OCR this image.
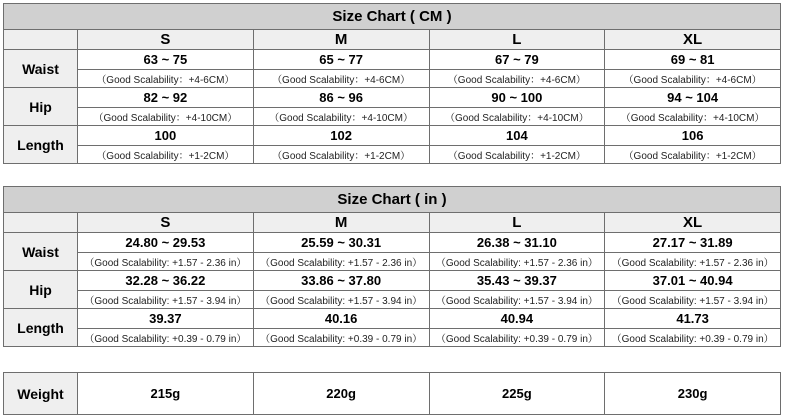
Size Chart ( CM )				
	S	M	L	XL
Waist	63 ~ 75	65 ~ 77	67 ~ 79	69 ~ 81
	（Good Scalability：+4-6CM）	（Good Scalability：+4-6CM）	（Good Scalability：+4-6CM）	（Good Scalability：+4-6CM）
Hip	82 ~ 92	86 ~ 96	90 ~ 100	94 ~ 104
	（Good Scalability：+4-10CM）	（Good Scalability：+4-10CM）	（Good Scalability：+4-10CM）	（Good Scalability：+4-10CM）
Length	100	102	104	106
	（Good Scalability：+1-2CM）	（Good Scalability：+1-2CM）	（Good Scalability：+1-2CM）	（Good Scalability：+1-2CM）
Size Chart ( in )				
	S	M	L	XL
Waist	24.80 ~ 29.53	25.59 ~ 30.31	26.38 ~ 31.10	27.17 ~ 31.89
	（Good Scalability: +1.57 - 2.36 in）	（Good Scalability: +1.57 - 2.36 in）	（Good Scalability: +1.57 - 2.36 in）	（Good Scalability: +1.57 - 2.36 in）
Hip	32.28 ~ 36.22	33.86 ~ 37.80	35.43 ~ 39.37	37.01 ~ 40.94
	（Good Scalability: +1.57 - 3.94 in）	（Good Scalability: +1.57 - 3.94 in）	（Good Scalability: +1.57 - 3.94 in）	（Good Scalability: +1.57 - 3.94 in）
Length	39.37	40.16	40.94	41.73
	（Good Scalability: +0.39 - 0.79 in）	（Good Scalability: +0.39 - 0.79 in）	（Good Scalability: +0.39 - 0.79 in）	（Good Scalability: +0.39 - 0.79 in）
Weight	215g	220g	225g	230g
